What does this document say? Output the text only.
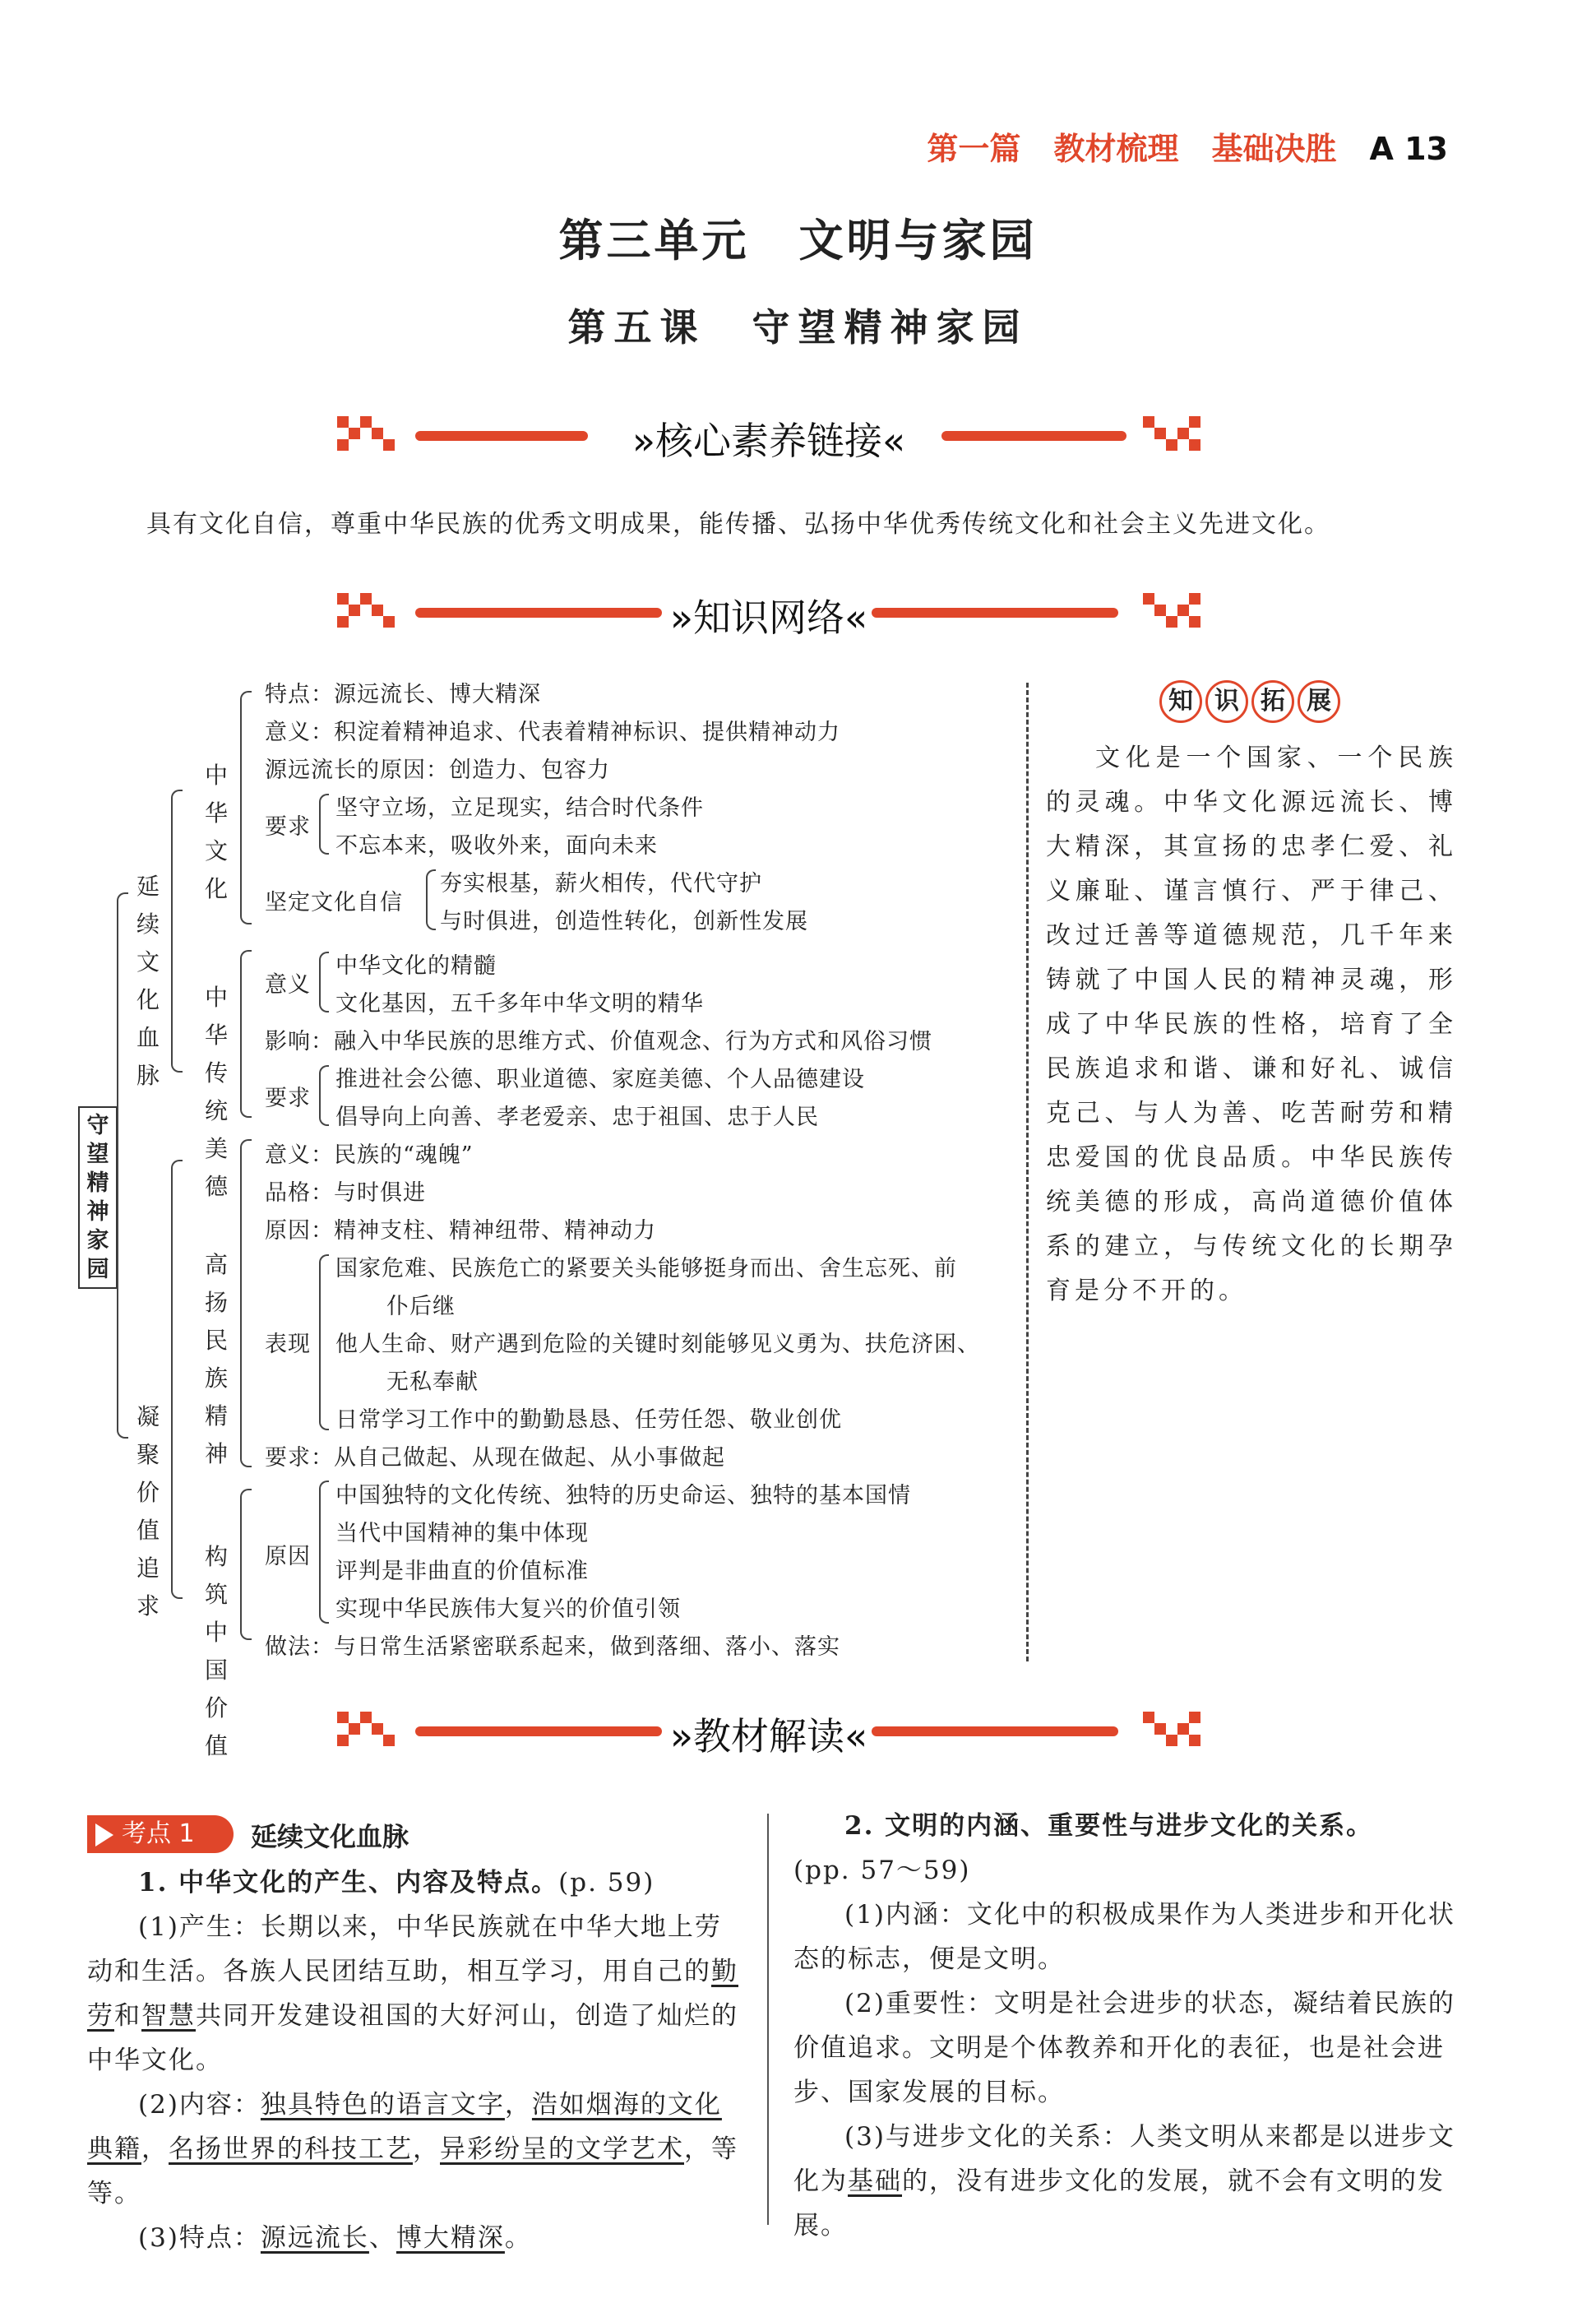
第一篇 教材梳理 基础决胜 A 13
第三单元 文明与家园
第五课　守望精神家园
»核心素养链接«
具有文化自信，尊重中华民族的优秀文明成果，能传播、弘扬中华优秀传统文化和社会主义先进文化。
»知识网络«
守望精神家园
延续文化血脉
凝聚价值追求
中华文化
中华传统美德
高扬民族精神
构筑中国价值
特点：源远流长、博大精深
意义：积淀着精神追求、代表着精神标识、提供精神动力
源远流长的原因：创造力、包容力
要求
坚守立场，立足现实，结合时代条件
不忘本来，吸收外来，面向未来
坚定文化自信
夯实根基，薪火相传，代代守护
与时俱进，创造性转化，创新性发展
意义
中华文化的精髓
文化基因，五千多年中华文明的精华
影响：融入中华民族的思维方式、价值观念、行为方式和风俗习惯
要求
推进社会公德、职业道德、家庭美德、个人品德建设
倡导向上向善、孝老爱亲、忠于祖国、忠于人民
意义：民族的“魂魄”
品格：与时俱进
原因：精神支柱、精神纽带、精神动力
表现
国家危难、民族危亡的紧要关头能够挺身而出、舍生忘死、前
仆后继
他人生命、财产遇到危险的关键时刻能够见义勇为、扶危济困、
无私奉献
日常学习工作中的勤勤恳恳、任劳任怨、敬业创优
要求：从自己做起、从现在做起、从小事做起
原因
中国独特的文化传统、独特的历史命运、独特的基本国情
当代中国精神的集中体现
评判是非曲直的价值标准
实现中华民族伟大复兴的价值引领
做法：与日常生活紧密联系起来，做到落细、落小、落实
知 识 拓 展
文化是一个国家、一个民族的灵魂。中华文化源远流长、博大精深，其宣扬的忠孝仁爱、礼义廉耻、谨言慎行、严于律己、改过迁善等道德规范，几千年来铸就了中国人民的精神灵魂，形成了中华民族的性格，培育了全民族追求和谐、谦和好礼、诚信克己、与人为善、吃苦耐劳和精忠爱国的优良品质。中华民族传统美德的形成，高尚道德价值体系的建立，与传统文化的长期孕育是分不开的。
»教材解读«
考点 1	延续文化血脉

1. 中华文化的产生、内容及特点。(p. 59)

(1)产生：长期以来，中华民族就在中华大地上劳动和生活。各族人民团结互助，相互学习，用自己的勤劳和智慧共同开发建设祖国的大好河山，创造了灿烂的中华文化。

(2)内容：独具特色的语言文字，浩如烟海的文化典籍，名扬世界的科技工艺，异彩纷呈的文学艺术，等等。

(3)特点：源远流长、博大精深。

2. 文明的内涵、重要性与进步文化的关系。

(pp. 57～59)

(1)内涵：文化中的积极成果作为人类进步和开化状态的标志，便是文明。

(2)重要性：文明是社会进步的状态，凝结着民族的价值追求。文明是个体教养和开化的表征，也是社会进步、国家发展的目标。

(3)与进步文化的关系：人类文明从来都是以进步文化为基础的，没有进步文化的发展，就不会有文明的发展。
